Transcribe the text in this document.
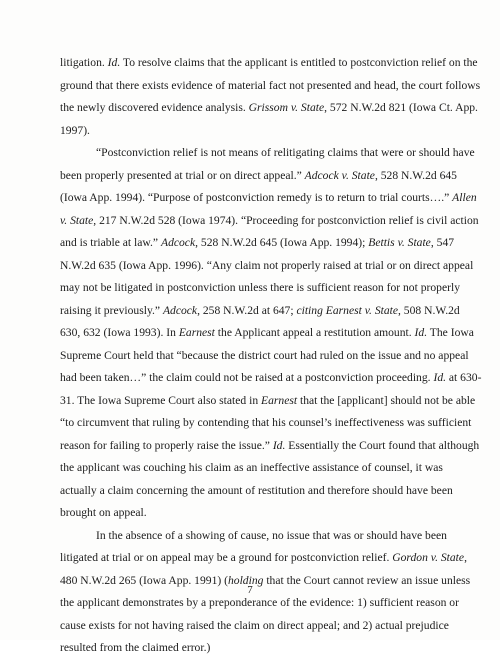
litigation. Id. To resolve claims that the applicant is entitled to postconviction relief on the ground that there exists evidence of material fact not presented and head, the court follows the newly discovered evidence analysis. Grissom v. State, 572 N.W.2d 821 (Iowa Ct. App. 1997).

“Postconviction relief is not means of relitigating claims that were or should have been properly presented at trial or on direct appeal.” Adcock v. State, 528 N.W.2d 645 (Iowa App. 1994). “Purpose of postconviction remedy is to return to trial courts….” Allen v. State, 217 N.W.2d 528 (Iowa 1974). “Proceeding for postconviction relief is civil action and is triable at law.” Adcock, 528 N.W.2d 645 (Iowa App. 1994); Bettis v. State, 547 N.W.2d 635 (Iowa App. 1996). “Any claim not properly raised at trial or on direct appeal may not be litigated in postconviction unless there is sufficient reason for not properly raising it previously.” Adcock, 258 N.W.2d at 647; citing Earnest v. State, 508 N.W.2d 630, 632 (Iowa 1993). In Earnest the Applicant appeal a restitution amount. Id. The Iowa Supreme Court held that “because the district court had ruled on the issue and no appeal had been taken…” the claim could not be raised at a postconviction proceeding. Id. at 630-31. The Iowa Supreme Court also stated in Earnest that the [applicant] should not be able “to circumvent that ruling by contending that his counsel’s ineffectiveness was sufficient reason for failing to properly raise the issue.” Id. Essentially the Court found that although the applicant was couching his claim as an ineffective assistance of counsel, it was actually a claim concerning the amount of restitution and therefore should have been brought on appeal.

In the absence of a showing of cause, no issue that was or should have been litigated at trial or on appeal may be a ground for postconviction relief. Gordon v. State, 480 N.W.2d 265 (Iowa App. 1991) (holding that the Court cannot review an issue unless the applicant demonstrates by a preponderance of the evidence: 1) sufficient reason or cause exists for not having raised the claim on direct appeal; and 2) actual prejudice resulted from the claimed error.)

7
